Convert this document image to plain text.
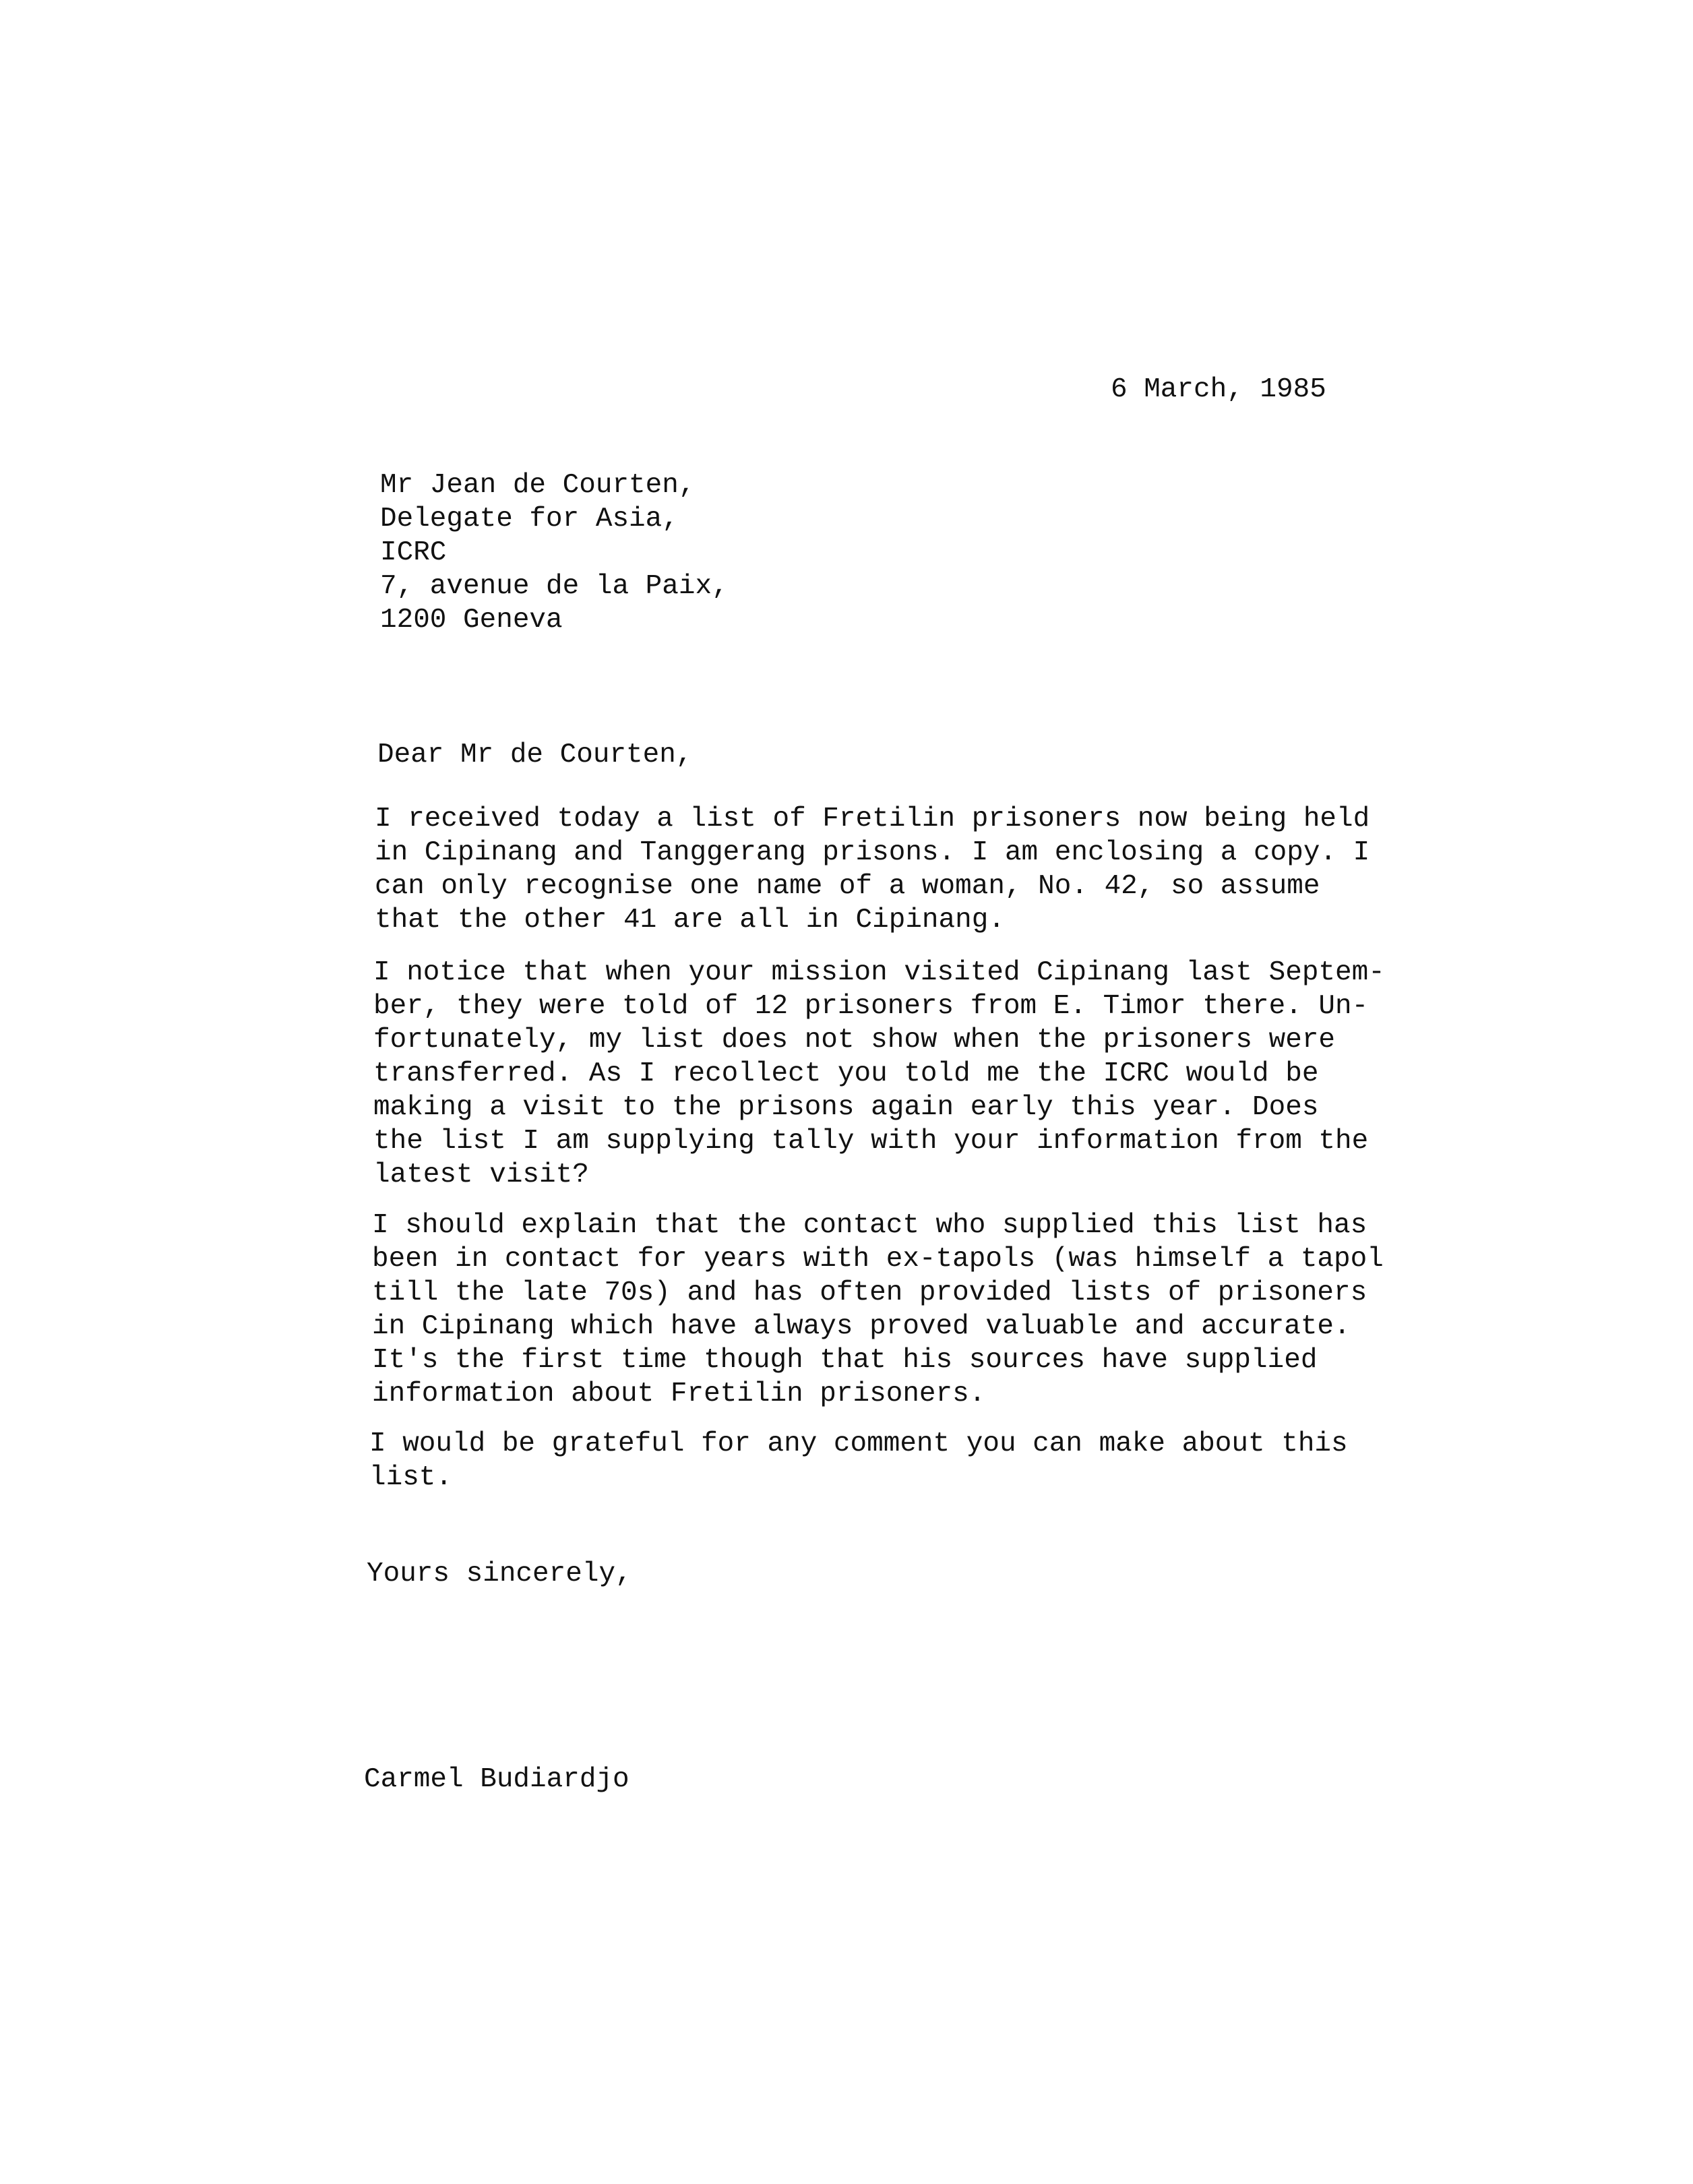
6 March, 1985
Mr Jean de Courten,
Delegate for Asia,
ICRC
7, avenue de la Paix,
1200 Geneva
Dear Mr de Courten,
I received today a list of Fretilin prisoners now being held
in Cipinang and Tanggerang prisons. I am enclosing a copy. I
can only recognise one name of a woman, No. 42, so assume
that the other 41 are all in Cipinang.
I notice that when your mission visited Cipinang last Septem-
ber, they were told of 12 prisoners from E. Timor there. Un-
fortunately, my list does not show when the prisoners were
transferred. As I recollect you told me the ICRC would be
making a visit to the prisons again early this year. Does
the list I am supplying tally with your information from the
latest visit?
I should explain that the contact who supplied this list has
been in contact for years with ex-tapols (was himself a tapol
till the late 70s) and has often provided lists of prisoners
in Cipinang which have always proved valuable and accurate.
It's the first time though that his sources have supplied
information about Fretilin prisoners.
I would be grateful for any comment you can make about this
list.
Yours sincerely,
Carmel Budiardjo
